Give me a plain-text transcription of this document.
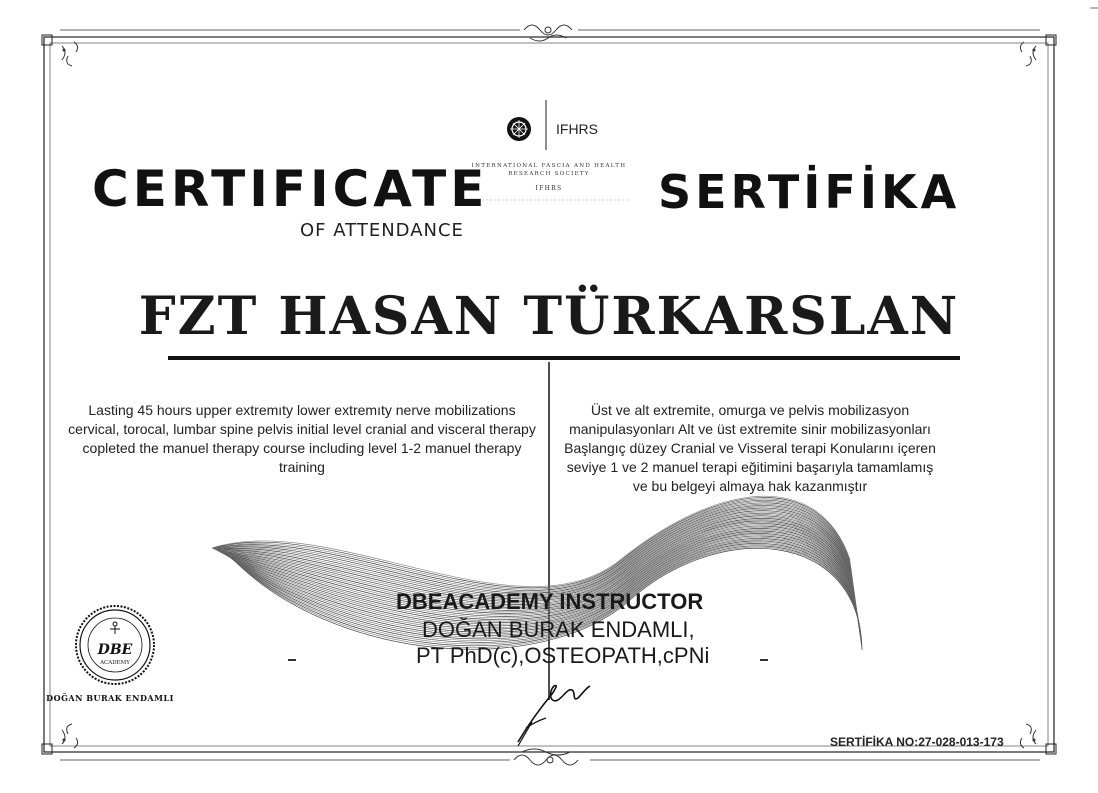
IFHRS
INTERNATIONAL FASCIA AND HEALTH
RESEARCH SOCIETY
IFHRS
CERTIFICATE
OF ATTENDANCE
SERTİFİKA
FZT HASAN TÜRKARSLAN
Lasting 45 hours upper extremıty lower extremıty nerve mobilizations cervical, torocal, lumbar spine pelvis initial level cranial and visceral therapy copleted the manuel therapy course including level 1-2 manuel therapy training
Üst ve alt extremite, omurga ve pelvis mobilizasyon manipulasyonları Alt ve üst extremite sinir mobilizasyonları Başlangıç düzey Cranial ve Visseral terapi Konularını içeren seviye 1 ve 2 manuel terapi eğitimini başarıyla tamamlamış ve bu belgeyi almaya hak kazanmıştır
DBEACADEMY INSTRUCTOR
DOĞAN BURAK ENDAMLI,
PT PhD(c),OSTEOPATH,cPNi
DBE
ACADEMY
DOĞAN BURAK ENDAMLI
SERTİFİKA NO:27-028-013-173
